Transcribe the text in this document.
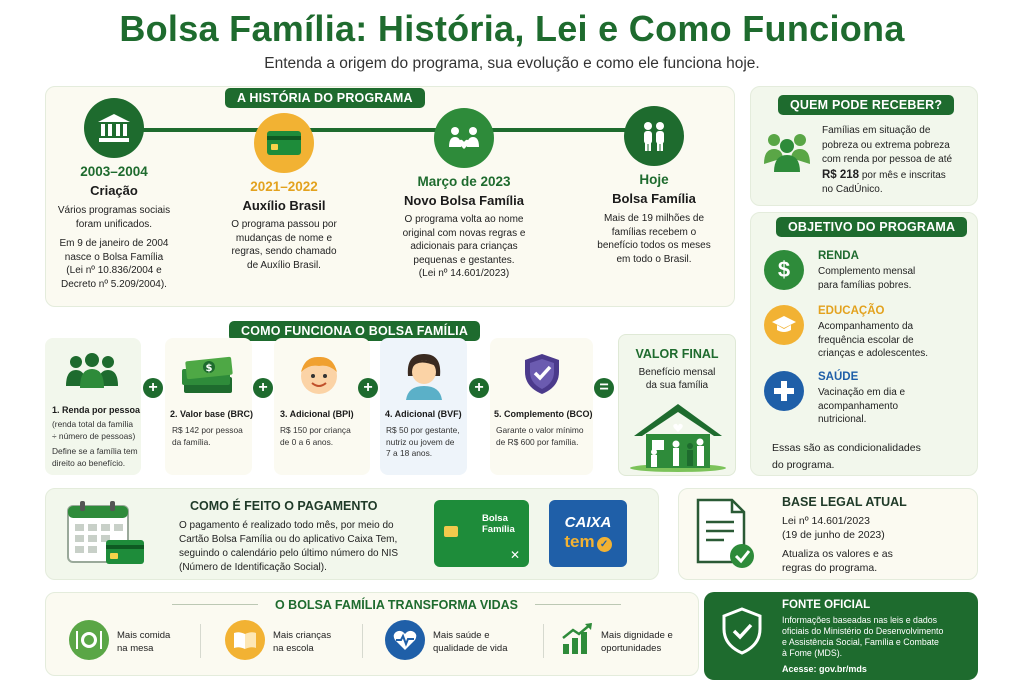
Bolsa Família: História, Lei e Como Funciona
Entenda a origem do programa, sua evolução e como ele funciona hoje.
A HISTÓRIA DO PROGRAMA
2003–2004
Criação
Vários programas sociais
foram unificados.
Em 9 de janeiro de 2004
nasce o Bolsa Família
(Lei nº 10.836/2004 e
Decreto nº 5.209/2004).
2021–2022
Auxílio Brasil
O programa passou por
mudanças de nome e
regras, sendo chamado
de Auxílio Brasil.
Março de 2023
Novo Bolsa Família
O programa volta ao nome
original com novas regras e
adicionais para crianças
pequenas e gestantes.
(Lei nº 14.601/2023)
Hoje
Bolsa Família
Mais de 19 milhões de
famílias recebem o
benefício todos os meses
em todo o Brasil.
QUEM PODE RECEBER?
Famílias em situação de
pobreza ou extrema pobreza
com renda por pessoa de até
R$ 218 por mês e inscritas
no CadÚnico.
OBJETIVO DO PROGRAMA
$
RENDA
Complemento mensal
para famílias pobres.
EDUCAÇÃO
Acompanhamento da
frequência escolar de
crianças e adolescentes.
SAÚDE
Vacinação em dia e
acompanhamento
nutricional.
Essas são as condicionalidades
do programa.
COMO FUNCIONA O BOLSA FAMÍLIA
1. Renda por pessoa
(renda total da família
÷ número de pessoas)
Define se a família tem
direito ao benefício.
+
$
2. Valor base (BRC)
R$ 142 por pessoa
da família.
+
3. Adicional (BPI)
R$ 150 por criança
de 0 a 6 anos.
+
4. Adicional (BVF)
R$ 50 por gestante,
nutriz ou jovem de
7 a 18 anos.
+
5. Complemento (BCO)
Garante o valor mínimo
de R$ 600 por família.
=
VALOR FINAL
Benefício mensal
da sua família
COMO É FEITO O PAGAMENTO
O pagamento é realizado todo mês, por meio do
Cartão Bolsa Família ou do aplicativo Caixa Tem,
seguindo o calendário pelo último número do NIS
(Número de Identificação Social).
Bolsa
Família
✕
CAIXA
tem ✓
BASE LEGAL ATUAL
Lei nº 14.601/2023
(19 de junho de 2023)
Atualiza os valores e as
regras do programa.
O BOLSA FAMÍLIA TRANSFORMA VIDAS
Mais comida
na mesa
Mais crianças
na escola
Mais saúde e
qualidade de vida
Mais dignidade e
oportunidades
FONTE OFICIAL
Informações baseadas nas leis e dados
oficiais do Ministério do Desenvolvimento
e Assistência Social, Família e Combate
à Fome (MDS).
Acesse: gov.br/mds
